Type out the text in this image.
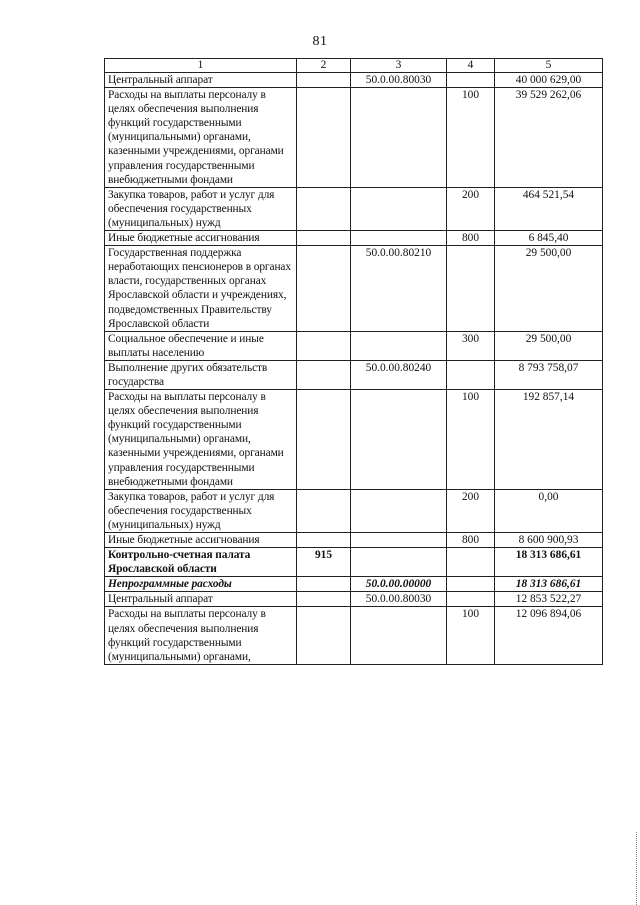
81
1	2	3	4	5
Центральный аппарат		50.0.00.80030		40 000 629,00
Расходы на выплаты персоналу в целях обеспечения выполнения функций государственными (муниципальными) органами, казенными учреждениями, органами управления государственными внебюджетными фондами			100	39 529 262,06
Закупка товаров, работ и услуг для обеспечения государственных (муниципальных) нужд			200	464 521,54
Иные бюджетные ассигнования			800	6 845,40
Государственная поддержка неработающих пенсионеров в органах власти, государственных органах Ярославской области и учреждениях, подведомственных Правительству Ярославской области		50.0.00.80210		29 500,00
Социальное обеспечение и иные выплаты населению			300	29 500,00
Выполнение других обязательств государства		50.0.00.80240		8 793 758,07
Расходы на выплаты персоналу в целях обеспечения выполнения функций государственными (муниципальными) органами, казенными учреждениями, органами управления государственными внебюджетными фондами			100	192 857,14
Закупка товаров, работ и услуг для обеспечения государственных (муниципальных) нужд			200	0,00
Иные бюджетные ассигнования			800	8 600 900,93
Контрольно-счетная палата Ярославской области	915			18 313 686,61
Непрограммные расходы		50.0.00.00000		18 313 686,61
Центральный аппарат		50.0.00.80030		12 853 522,27
Расходы на выплаты персоналу в целях обеспечения выполнения функций государственными (муниципальными) органами,			100	12 096 894,06
